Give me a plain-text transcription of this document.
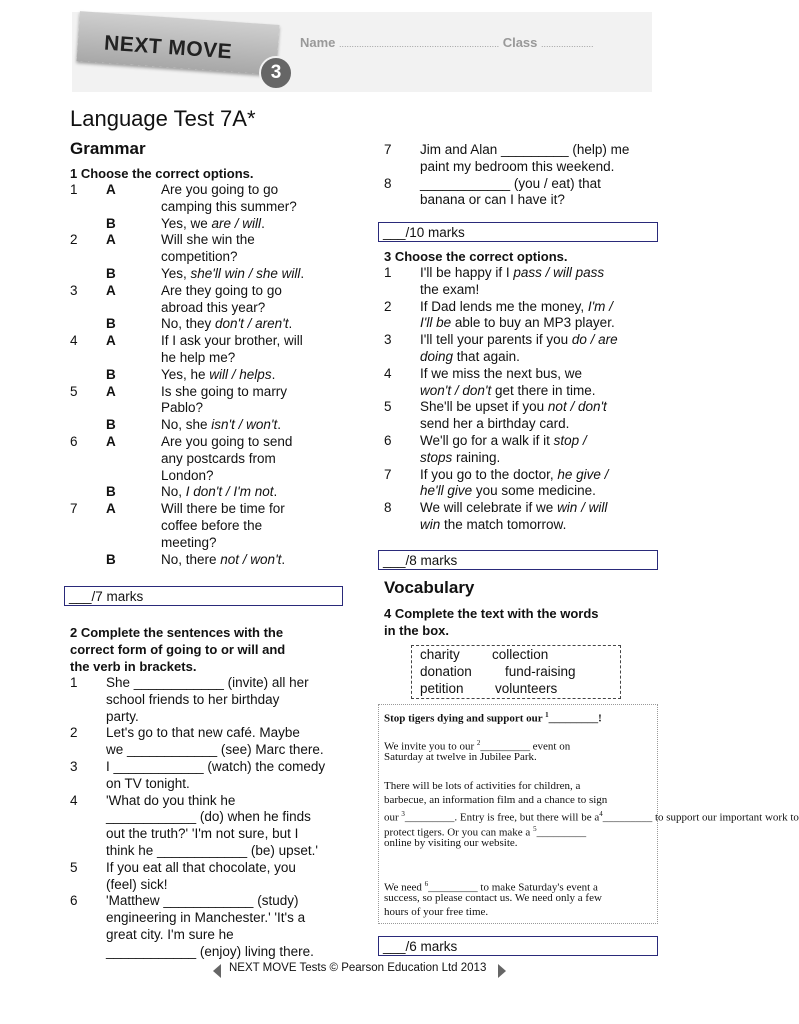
NEXT MOVE
3
Name ................................................................ Class .....................
Language Test 7A*
Grammar
1 Choose the correct options.
1 A	Are you going to go
camping this summer?
B	Yes, we are / will.
2 A	Will she win the
competition?
B	Yes, she'll win / she will.
3 A	Are they going to go
abroad this year?
B	No, they don't / aren't.
4 A	If I ask your brother, will
he help me?
B	Yes, he will / helps.
5 A	Is she going to marry
Pablo?
B	No, she isn't / won't.
6 A	Are you going to send
any postcards from
London?
B	No, I don't / I'm not.
7 A	Will there be time for
coffee before the
meeting?
B	No, there not / won't.
___/7 marks
2 Complete the sentences with the
correct form of going to or will and
the verb in brackets.
1 She ____________ (invite) all her
school friends to her birthday
party.
2 Let's go to that new café. Maybe
we ____________ (see) Marc there.
3 I ____________ (watch) the comedy
on TV tonight.
4 'What do you think he
____________ (do) when he finds
out the truth?' 'I'm not sure, but I
think he ____________ (be) upset.'
5 If you eat all that chocolate, you
(feel) sick!
6 'Matthew ____________ (study)
engineering in Manchester.' 'It's a
great city. I'm sure he
____________ (enjoy) living there.
7 Jim and Alan _________ (help) me
paint my bedroom this weekend.
8 ____________ (you / eat) that
banana or can I have it?
___/10 marks
3 Choose the correct options.
1 I'll be happy if I pass / will pass
the exam!
2 If Dad lends me the money, I'm /
I'll be able to buy an MP3 player.
3 I'll tell your parents if you do / are
doing that again.
4 If we miss the next bus, we
won't / don't get there in time.
5 She'll be upset if you not / don't
send her a birthday card.
6 We'll go for a walk if it stop /
stops raining.
7 If you go to the doctor, he give /
he'll give you some medicine.
8 We will celebrate if we win / will
win the match tomorrow.
___/8 marks
Vocabulary
4 Complete the text with the words
in the box.
charity collection
donation fund-raising
petition volunteers
Stop tigers dying and support our $^1$_________!
We invite you to our $^2$_________ event on
Saturday at twelve in Jubilee Park.
There will be lots of activities for children, a
barbecue, an information film and a chance to sign
our $^3$_________. Entry is free, but there will be $a^4\_\_\_\_\_\_\_\_\_$ to support our important work to
protect tigers. Or you can make a $^5$_________
online by visiting our website.
We need $^6$_________ to make Saturday's event a
success, so please contact us. We need only a few
hours of your free time.
___/6 marks
NEXT MOVE Tests © Pearson Education Ltd 2013
